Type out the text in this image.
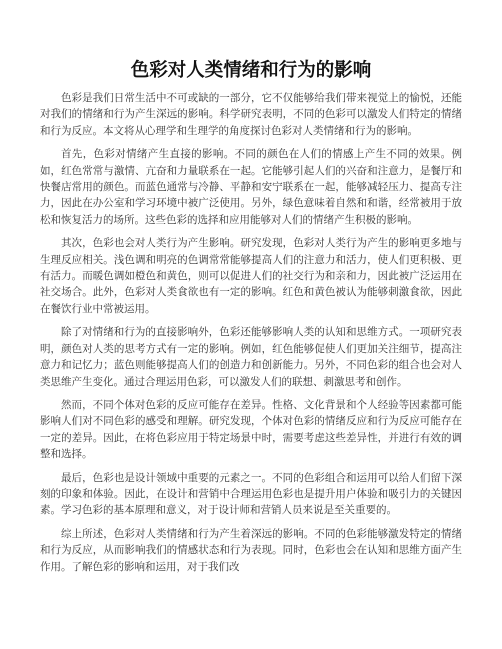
色彩对人类情绪和行为的影响

色彩是我们日常生活中不可或缺的一部分，它不仅能够给我们带来视觉上的愉悦，还能对我们的情绪和行为产生深远的影响。科学研究表明，不同的色彩可以激发人们特定的情绪和行为反应。本文将从心理学和生理学的角度探讨色彩对人类情绪和行为的影响。

首先，色彩对情绪产生直接的影响。不同的颜色在人们的情感上产生不同的效果。例如，红色常常与激情、亢奋和力量联系在一起。它能够引起人们的兴奋和注意力，是餐厅和快餐店常用的颜色。而蓝色通常与冷静、平静和安宁联系在一起，能够减轻压力、提高专注力，因此在办公室和学习环境中被广泛使用。另外，绿色意味着自然和和谐，经常被用于放松和恢复活力的场所。这些色彩的选择和应用能够对人们的情绪产生积极的影响。

其次，色彩也会对人类行为产生影响。研究发现，色彩对人类行为产生的影响更多地与生理反应相关。浅色调和明亮的色调常常能够提高人们的注意力和活力，使人们更积极、更有活力。而暖色调如橙色和黄色，则可以促进人们的社交行为和亲和力，因此被广泛运用在社交场合。此外，色彩对人类食欲也有一定的影响。红色和黄色被认为能够刺激食欲，因此在餐饮行业中常被运用。

除了对情绪和行为的直接影响外，色彩还能够影响人类的认知和思维方式。一项研究表明，颜色对人类的思考方式有一定的影响。例如，红色能够促使人们更加关注细节，提高注意力和记忆力；蓝色则能够提高人们的创造力和创新能力。另外，不同色彩的组合也会对人类思维产生变化。通过合理运用色彩，可以激发人们的联想、刺激思考和创作。

然而，不同个体对色彩的反应可能存在差异。性格、文化背景和个人经验等因素都可能影响人们对不同色彩的感受和理解。研究发现，个体对色彩的情绪反应和行为反应可能存在一定的差异。因此，在将色彩应用于特定场景中时，需要考虑这些差异性，并进行有效的调整和选择。

最后，色彩也是设计领域中重要的元素之一。不同的色彩组合和运用可以给人们留下深刻的印象和体验。因此，在设计和营销中合理运用色彩也是提升用户体验和吸引力的关键因素。学习色彩的基本原理和意义，对于设计师和营销人员来说是至关重要的。

综上所述，色彩对人类情绪和行为产生着深远的影响。不同的色彩能够激发特定的情绪和行为反应，从而影响我们的情感状态和行为表现。同时，色彩也会在认知和思维方面产生作用。了解色彩的影响和运用，对于我们改
